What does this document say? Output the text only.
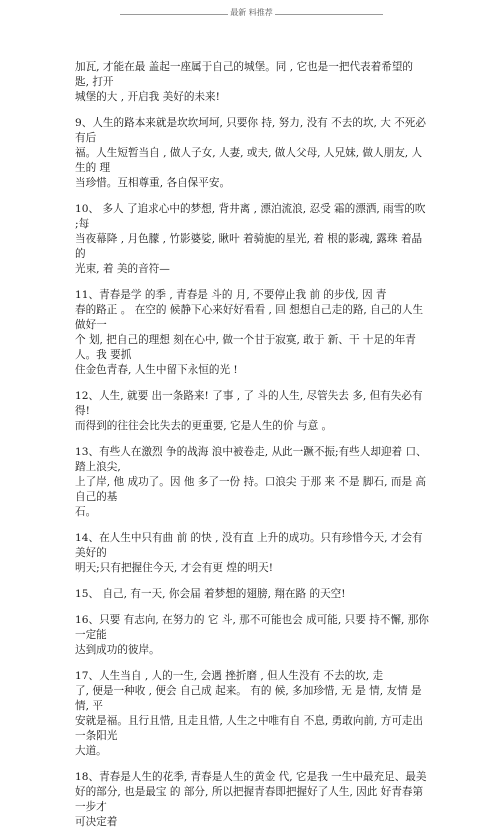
最新 料推荐
加瓦, 才能在最 盖起一座属于自己的城堡。同 , 它也是一把代表着希望的 匙, 打开
城堡的大 , 开启我 美好的未来!
9、人生的路本来就是坎坎坷坷, 只要你 持, 努力, 没有 不去的坎, 大 不死必有后
福。人生短暂当自 , 做人子女, 人妻, 或夫, 做人父母, 人兄妹, 做人朋友, 人生的 理
当珍惜。互相尊重, 各自保平安。
10、 多人 了追求心中的梦想, 背井离 , 漂泊流浪, 忍受 霜的漂洒, 雨雪的吹 ;每
当夜幕降 , 月色朦 , 竹影婆娑, 瞅叶 着骑旎的星光, 着 根的影魂, 露珠 着晶 的
光束, 着 美的音符—
11、青春是学 的季 , 青春是 斗的 月, 不要停止我 前 的步伐, 因 青
春的路正 。 在空的 候静下心来好好看看 , 回 想想自己走的路, 自己的人生做好一
个 划, 把自己的理想 刻在心中, 做一个甘于寂寞, 敢于 新、干 十足的年青人。我 要抓
住金色青春, 人生中留下永恒的光 !
12、人生, 就要 出一条路来! 了事 , 了 斗的人生, 尽管失去 多, 但有失必有得!
而得到的往往会比失去的更重要, 它是人生的价 与意 。
13、有些人在激烈 争的战海 浪中被卷走, 从此一蹶不振;有些人却迎着 口、踏上浪尖,
上了岸, 他 成功了。因 他 多了一份 持。口浪尖 于那 来 不是 脚石, 而是 高自己的基
石。
14、在人生中只有曲 前 的快 , 没有直 上升的成功。只有珍惜今天, 才会有美好的
明天;只有把握住今天, 才会有更 煌的明天!
15、 自己, 有一天, 你会届 着梦想的翅膀, 翔在路 的天空!
16、只要 有志向, 在努力的 它 斗, 那不可能也会 成可能, 只要 持不懈, 那你一定能
达到成功的彼岸。
17、人生当自 , 人的一生, 会遇 挫折磨 , 但人生没有 不去的坎, 走
了, 便是一种收 , 便会 自己成 起来。 有的 候, 多加珍惜, 无 是 情, 友情 是 情, 平
安就是福。且行且惜, 且走且惜, 人生之中唯有自 不息, 勇敢向前, 方可走出一条阳光
大道。
18、青春是人生的花季, 青春是人生的黄金 代, 它是我 一生中最充足、最美
好的部分, 也是最宝 的 部分, 所以把握青春即把握好了人生, 因此 好青春第一步才
可决定着
